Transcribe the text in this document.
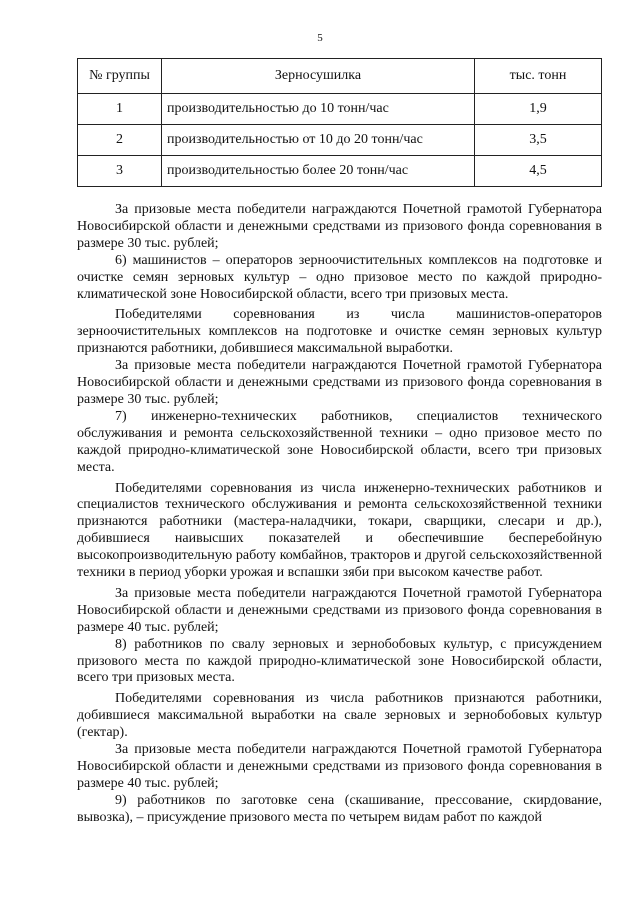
5
№ группы	Зерносушилка	тыс. тонн
1	производительностью до 10 тонн/час	1,9
2	производительностью от 10 до 20 тонн/час	3,5
3	производительностью более 20 тонн/час	4,5

За призовые места победители награждаются Почетной грамотой Губернатора Новосибирской области и денежными средствами из призового фонда соревнования в размере 30 тыс. рублей;

6) машинистов – операторов зерноочистительных комплексов на подготовке и очистке семян зерновых культур – одно призовое место по каждой природно-климатической зоне Новосибирской области, всего три призовых места.

Победителями соревнования из числа машинистов-операторов зерноочистительных комплексов на подготовке и очистке семян зерновых культур признаются работники, добившиеся максимальной выработки.

За призовые места победители награждаются Почетной грамотой Губернатора Новосибирской области и денежными средствами из призового фонда соревнования в размере 30 тыс. рублей;

7) инженерно-технических работников, специалистов технического обслуживания и ремонта сельскохозяйственной техники – одно призовое место по каждой природно-климатической зоне Новосибирской области, всего три призовых места.

Победителями соревнования из числа инженерно-технических работников и специалистов технического обслуживания и ремонта сельскохозяйственной техники признаются работники (мастера-наладчики, токари, сварщики, слесари и др.), добившиеся наивысших показателей и обеспечившие бесперебойную высокопроизводительную работу комбайнов, тракторов и другой сельскохозяйственной техники в период уборки урожая и вспашки зяби при высоком качестве работ.

За призовые места победители награждаются Почетной грамотой Губернатора Новосибирской области и денежными средствами из призового фонда соревнования в размере 40 тыс. рублей;

8) работников по свалу зерновых и зернобобовых культур, с присуждением призового места по каждой природно-климатической зоне Новосибирской области, всего три призовых места.

Победителями соревнования из числа работников признаются работники, добившиеся максимальной выработки на свале зерновых и зернобобовых культур (гектар).

За призовые места победители награждаются Почетной грамотой Губернатора Новосибирской области и денежными средствами из призового фонда соревнования в размере 40 тыс. рублей;

9) работников по заготовке сена (скашивание, прессование, скирдование, вывозка), – присуждение призового места по четырем видам работ по каждой
